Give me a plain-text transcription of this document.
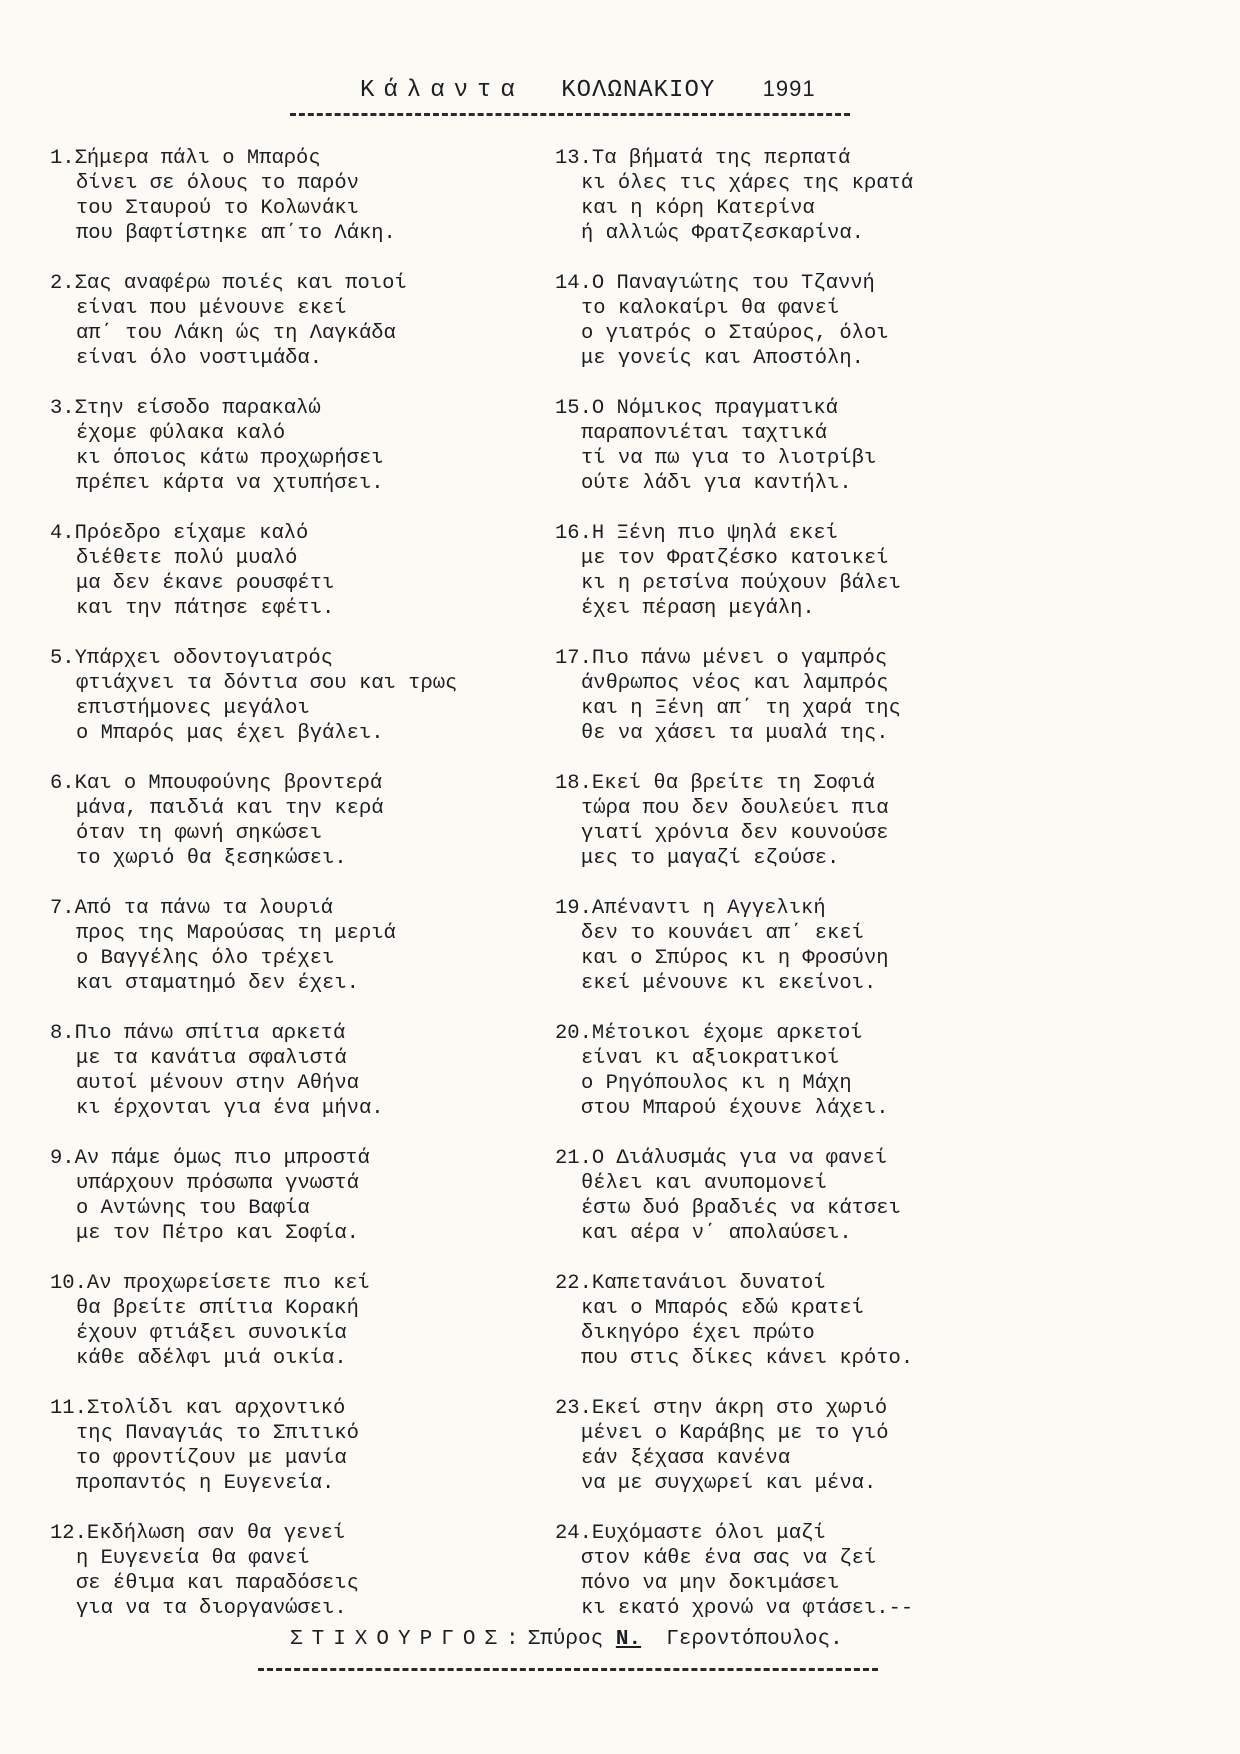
Κάλαντα ΚΟΛΩΝΑΚΙΟΥ 1991
1.Σήμερα πάλι ο Μπαρός
δίνει σε όλους το παρόν
του Σταυρού το Κολωνάκι
που βαφτίστηκε απ΄το Λάκη.
2.Σας αναφέρω ποιές και ποιοί
είναι που μένουνε εκεί
απ΄ του Λάκη ώς τη Λαγκάδα
είναι όλο νοστιμάδα.
3.Στην είσοδο παρακαλώ
έχομε φύλακα καλό
κι όποιος κάτω προχωρήσει
πρέπει κάρτα να χτυπήσει.
4.Πρόεδρο είχαμε καλό
διέθετε πολύ μυαλό
μα δεν έκανε ρουσφέτι
και την πάτησε εφέτι.
5.Υπάρχει οδοντογιατρός
φτιάχνει τα δόντια σου και τρως
επιστήμονες μεγάλοι
ο Μπαρός μας έχει βγάλει.
6.Και ο Μπουφούνης βροντερά
μάνα, παιδιά και την κερά
όταν τη φωνή σηκώσει
το χωριό θα ξεσηκώσει.
7.Από τα πάνω τα λουριά
προς της Μαρούσας τη μεριά
ο Βαγγέλης όλο τρέχει
και σταματημό δεν έχει.
8.Πιο πάνω σπίτια αρκετά
με τα κανάτια σφαλιστά
αυτοί μένουν στην Αθήνα
κι έρχονται για ένα μήνα.
9.Αν πάμε όμως πιο μπροστά
υπάρχουν πρόσωπα γνωστά
ο Αντώνης του Βαφία
με τον Πέτρο και Σοφία.
10.Αν προχωρείσετε πιο κεί
θα βρείτε σπίτια Κορακή
έχουν φτιάξει συνοικία
κάθε αδέλφι μιά οικία.
11.Στολίδι και αρχοντικό
της Παναγιάς το Σπιτικό
το φροντίζουν με μανία
προπαντός η Ευγενεία.
12.Εκδήλωση σαν θα γενεί
η Ευγενεία θα φανεί
σε έθιμα και παραδόσεις
για να τα διοργανώσει.
13.Τα βήματά της περπατά
κι όλες τις χάρες της κρατά
και η κόρη Κατερίνα
ή αλλιώς Φρατζεσκαρίνα.
14.Ο Παναγιώτης του Τζαννή
το καλοκαίρι θα φανεί
ο γιατρός ο Σταύρος, όλοι
με γονείς και Αποστόλη.
15.Ο Νόμικος πραγματικά
παραπονιέται ταχτικά
τί να πω για το λιοτρίβι
ούτε λάδι για καντήλι.
16.Η Ξένη πιο ψηλά εκεί
με τον Φρατζέσκο κατοικεί
κι η ρετσίνα πούχουν βάλει
έχει πέραση μεγάλη.
17.Πιο πάνω μένει ο γαμπρός
άνθρωπος νέος και λαμπρός
και η Ξένη απ΄ τη χαρά της
θε να χάσει τα μυαλά της.
18.Εκεί θα βρείτε τη Σοφιά
τώρα που δεν δουλεύει πια
γιατί χρόνια δεν κουνούσε
μες το μαγαζί εζούσε.
19.Απέναντι η Αγγελική
δεν το κουνάει απ΄ εκεί
και ο Σπύρος κι η Φροσύνη
εκεί μένουνε κι εκείνοι.
20.Μέτοικοι έχομε αρκετοί
είναι κι αξιοκρατικοί
ο Ρηγόπουλος κι η Μάχη
στου Μπαρού έχουνε λάχει.
21.Ο Διάλυσμάς για να φανεί
θέλει και ανυπομονεί
έστω δυό βραδιές να κάτσει
και αέρα ν΄ απολαύσει.
22.Καπετανάιοι δυνατοί
και ο Μπαρός εδώ κρατεί
δικηγόρο έχει πρώτο
που στις δίκες κάνει κρότο.
23.Εκεί στην άκρη στο χωριό
μένει ο Καράβης με το γιό
εάν ξέχασα κανένα
να με συγχωρεί και μένα.
24.Ευχόμαστε όλοι μαζί
στον κάθε ένα σας να ζεί
πόνο να μην δοκιμάσει
κι εκατό χρονώ να φτάσει.--
ΣΤΙΧΟΥΡΓΟΣ:Σπύρος Ν. Γεροντόπουλος.
